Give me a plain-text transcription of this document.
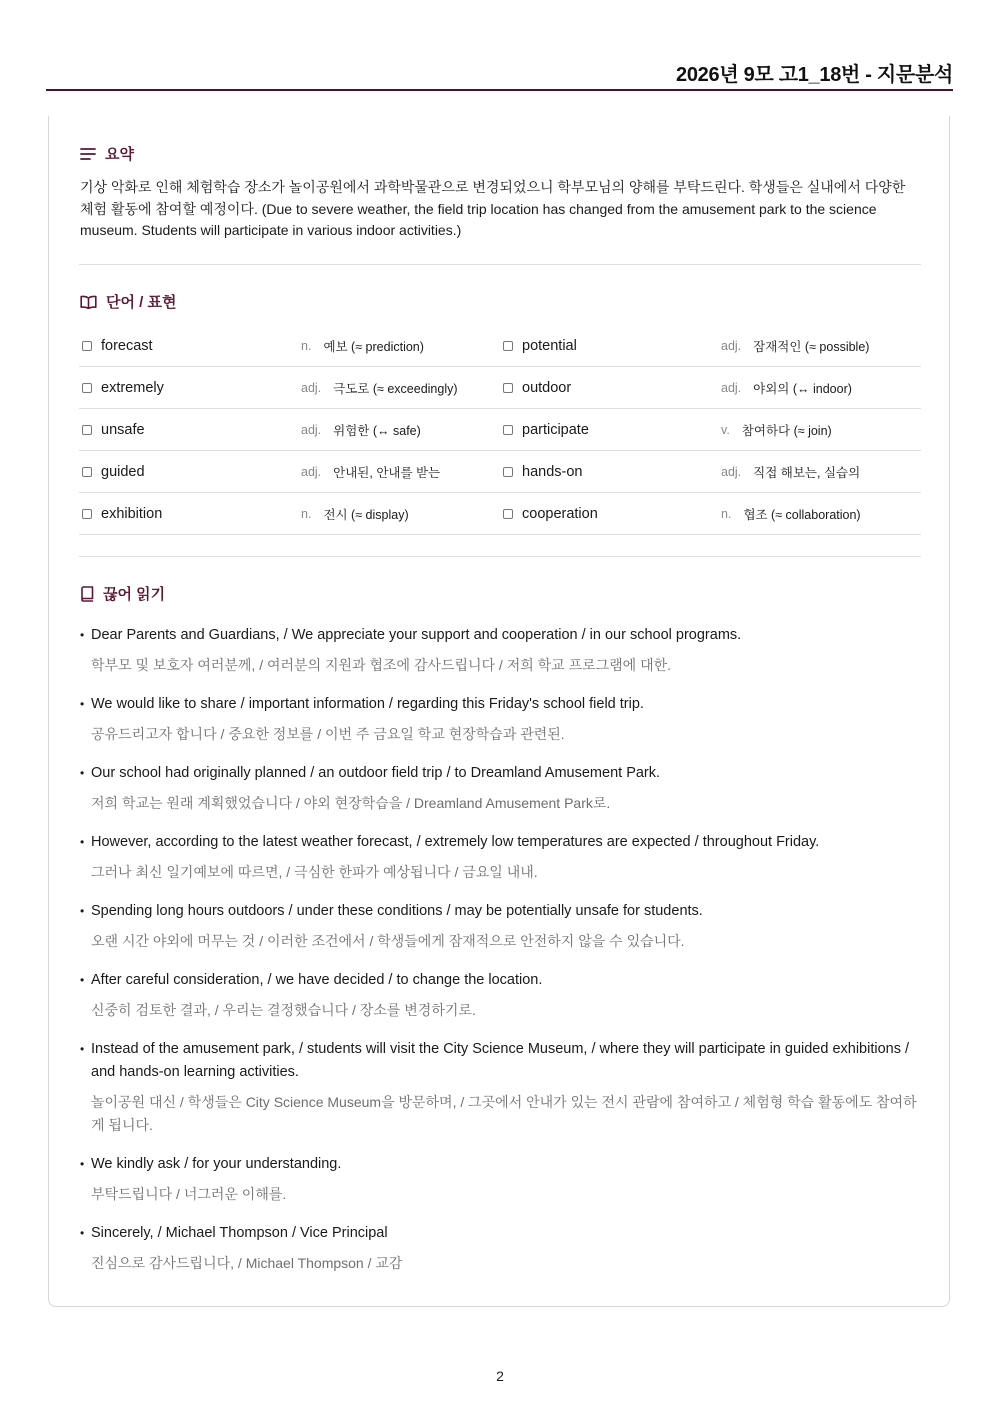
2026년 9모 고1_18번 - 지문분석
요약
기상 악화로 인해 체험학습 장소가 놀이공원에서 과학박물관으로 변경되었으니 학부모님의 양해를 부탁드린다. 학생들은 실내에서 다양한 체험 활동에 참여할 예정이다. (Due to severe weather, the field trip location has changed from the amusement park to the science museum. Students will participate in various indoor activities.)
단어 / 표현
forecast	n. 예보 (≈ prediction)	potential	adj. 잠재적인 (≈ possible)
extremely	adj. 극도로 (≈ exceedingly)	outdoor	adj. 야외의 (↔ indoor)
unsafe	adj. 위험한 (↔ safe)	participate	v. 참여하다 (≈ join)
guided	adj. 안내된, 안내를 받는	hands-on	adj. 직접 해보는, 실습의
exhibition	n. 전시 (≈ display)	cooperation	n. 협조 (≈ collaboration)
끊어 읽기
• Dear Parents and Guardians, / We appreciate your support and cooperation / in our school programs.
학부모 및 보호자 여러분께, / 여러분의 지원과 협조에 감사드립니다 / 저희 학교 프로그램에 대한.
• We would like to share / important information / regarding this Friday's school field trip.
공유드리고자 합니다 / 중요한 정보를 / 이번 주 금요일 학교 현장학습과 관련된.
• Our school had originally planned / an outdoor field trip / to Dreamland Amusement Park.
저희 학교는 원래 계획했었습니다 / 야외 현장학습을 / Dreamland Amusement Park로.
• However, according to the latest weather forecast, / extremely low temperatures are expected / throughout Friday.
그러나 최신 일기예보에 따르면, / 극심한 한파가 예상됩니다 / 금요일 내내.
• Spending long hours outdoors / under these conditions / may be potentially unsafe for students.
오랜 시간 야외에 머무는 것 / 이러한 조건에서 / 학생들에게 잠재적으로 안전하지 않을 수 있습니다.
• After careful consideration, / we have decided / to change the location.
신중히 검토한 결과, / 우리는 결정했습니다 / 장소를 변경하기로.
• Instead of the amusement park, / students will visit the City Science Museum, / where they will participate in guided exhibitions / and hands-on learning activities.
놀이공원 대신 / 학생들은 City Science Museum을 방문하며, / 그곳에서 안내가 있는 전시 관람에 참여하고 / 체험형 학습 활동에도 참여하게 됩니다.
• We kindly ask / for your understanding.
부탁드립니다 / 너그러운 이해를.
• Sincerely, / Michael Thompson / Vice Principal
진심으로 감사드립니다, / Michael Thompson / 교감
2
